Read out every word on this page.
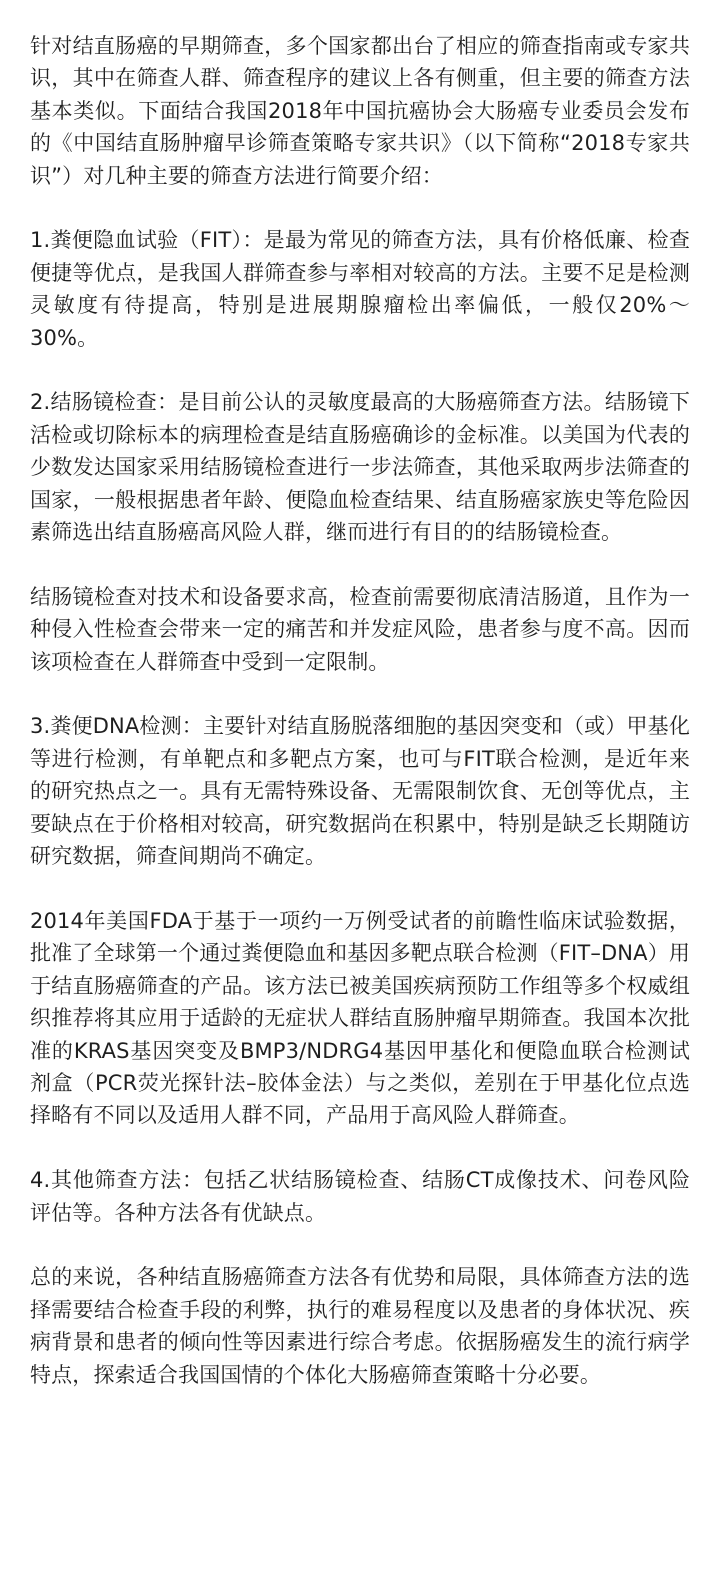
针对结直肠癌的早期筛查，多个国家都出台了相应的筛查指南或专家共识，其中在筛查人群、筛查程序的建议上各有侧重，但主要的筛查方法基本类似。下面结合我国2018年中国抗癌协会大肠癌专业委员会发布的《中国结直肠肿瘤早诊筛查策略专家共识》（以下简称“2018专家共识”）对几种主要的筛查方法进行简要介绍：

1.粪便隐血试验（FIT）：是最为常见的筛查方法，具有价格低廉、检查便捷等优点，是我国人群筛查参与率相对较高的方法。主要不足是检测灵敏度有待提高，特别是进展期腺瘤检出率偏低，一般仅20%～30%。

2.结肠镜检查：是目前公认的灵敏度最高的大肠癌筛查方法。结肠镜下活检或切除标本的病理检查是结直肠癌确诊的金标准。以美国为代表的少数发达国家采用结肠镜检查进行一步法筛查，其他采取两步法筛查的国家，一般根据患者年龄、便隐血检查结果、结直肠癌家族史等危险因素筛选出结直肠癌高风险人群，继而进行有目的的结肠镜检查。

结肠镜检查对技术和设备要求高，检查前需要彻底清洁肠道，且作为一种侵入性检查会带来一定的痛苦和并发症风险，患者参与度不高。因而该项检查在人群筛查中受到一定限制。

3.粪便DNA检测：主要针对结直肠脱落细胞的基因突变和（或）甲基化等进行检测，有单靶点和多靶点方案，也可与FIT联合检测，是近年来的研究热点之一。具有无需特殊设备、无需限制饮食、无创等优点，主要缺点在于价格相对较高，研究数据尚在积累中，特别是缺乏长期随访研究数据，筛查间期尚不确定。

2014年美国FDA于基于一项约一万例受试者的前瞻性临床试验数据，批准了全球第一个通过粪便隐血和基因多靶点联合检测（FIT–DNA）用于结直肠癌筛查的产品。该方法已被美国疾病预防工作组等多个权威组织推荐将其应用于适龄的无症状人群结直肠肿瘤早期筛查。我国本次批准的KRAS基因突变及BMP3/NDRG4基因甲基化和便隐血联合检测试剂盒（PCR荧光探针法–胶体金法）与之类似，差别在于甲基化位点选择略有不同以及适用人群不同，产品用于高风险人群筛查。

4.其他筛查方法：包括乙状结肠镜检查、结肠CT成像技术、问卷风险评估等。各种方法各有优缺点。

总的来说，各种结直肠癌筛查方法各有优势和局限，具体筛查方法的选择需要结合检查手段的利弊，执行的难易程度以及患者的身体状况、疾病背景和患者的倾向性等因素进行综合考虑。依据肠癌发生的流行病学特点，探索适合我国国情的个体化大肠癌筛查策略十分必要。
